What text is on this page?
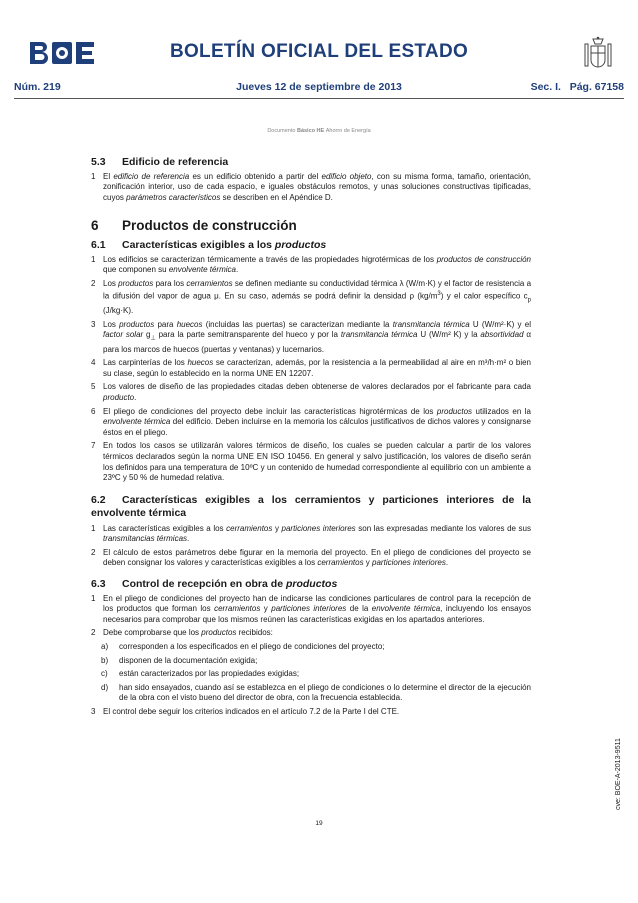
BOLETÍN OFICIAL DEL ESTADO
Núm. 219	Jueves 12 de septiembre de 2013	Sec. I.   Pág. 67158
Documento Básico HE Ahorro de Energía
5.3	Edificio de referencia
1 El edificio de referencia es un edificio obtenido a partir del edificio objeto, con su misma forma, tamaño, orientación, zonificación interior, uso de cada espacio, e iguales obstáculos remotos, y unas soluciones constructivas tipificadas, cuyos parámetros característicos se describen en el Apéndice D.
6	Productos de construcción
6.1	Características exigibles a los productos
1 Los edificios se caracterizan térmicamente a través de las propiedades higrotérmicas de los productos de construcción que componen su envolvente térmica.
2 Los productos para los cerramientos se definen mediante su conductividad térmica λ (W/m·K) y el factor de resistencia a la difusión del vapor de agua μ. En su caso, además se podrá definir la densidad ρ $(kg/m^3)$ y el calor específico $c_p$ (J/kg·K).
3 Los productos para huecos (incluidas las puertas) se caracterizan mediante la transmitancia térmica U (W/m²·K) y el factor solar $g_\perp$ para la parte semitransparente del hueco y por la transmitancia térmica U (W/m² K) y la absortividad α para los marcos de huecos (puertas y ventanas) y lucernarios.
4 Las carpinterías de los huecos se caracterizan, además, por la resistencia a la permeabilidad al aire en m³/h·m² o bien su clase, según lo establecido en la norma UNE EN 12207.
5 Los valores de diseño de las propiedades citadas deben obtenerse de valores declarados por el fabricante para cada producto.
6 El pliego de condiciones del proyecto debe incluir las características higrotérmicas de los productos utilizados en la envolvente térmica del edificio. Deben incluirse en la memoria los cálculos justificativos de dichos valores y consignarse éstos en el pliego.
7 En todos los casos se utilizarán valores térmicos de diseño, los cuales se pueden calcular a partir de los valores térmicos declarados según la norma UNE EN ISO 10456. En general y salvo justificación, los valores de diseño serán los definidos para una temperatura de 10ºC y un contenido de humedad correspondiente al equilibrio con un ambiente a 23ºC y 50 % de humedad relativa.
6.2 Características exigibles a los cerramientos y particiones interiores de la envolvente térmica
1 Las características exigibles a los cerramientos y particiones interiores son las expresadas mediante los valores de sus transmitancias térmicas.
2 El cálculo de estos parámetros debe figurar en la memoria del proyecto. En el pliego de condiciones del proyecto se deben consignar los valores y características exigibles a los cerramientos y particiones interiores.
6.3	Control de recepción en obra de productos
1 En el pliego de condiciones del proyecto han de indicarse las condiciones particulares de control para la recepción de los productos que forman los cerramientos y particiones interiores de la envolvente térmica, incluyendo los ensayos necesarios para comprobar que los mismos reúnen las características exigidas en los apartados anteriores.
2 Debe comprobarse que los productos recibidos:
a)	corresponden a los especificados en el pliego de condiciones del proyecto;
b)	disponen de la documentación exigida;
c)	están caracterizados por las propiedades exigidas;
d)	han sido ensayados, cuando así se establezca en el pliego de condiciones o lo determine el director de la ejecución de la obra con el visto bueno del director de obra, con la frecuencia establecida.
3 El control debe seguir los criterios indicados en el artículo 7.2 de la Parte I del CTE.
19
cve: BOE-A-2013-9511
